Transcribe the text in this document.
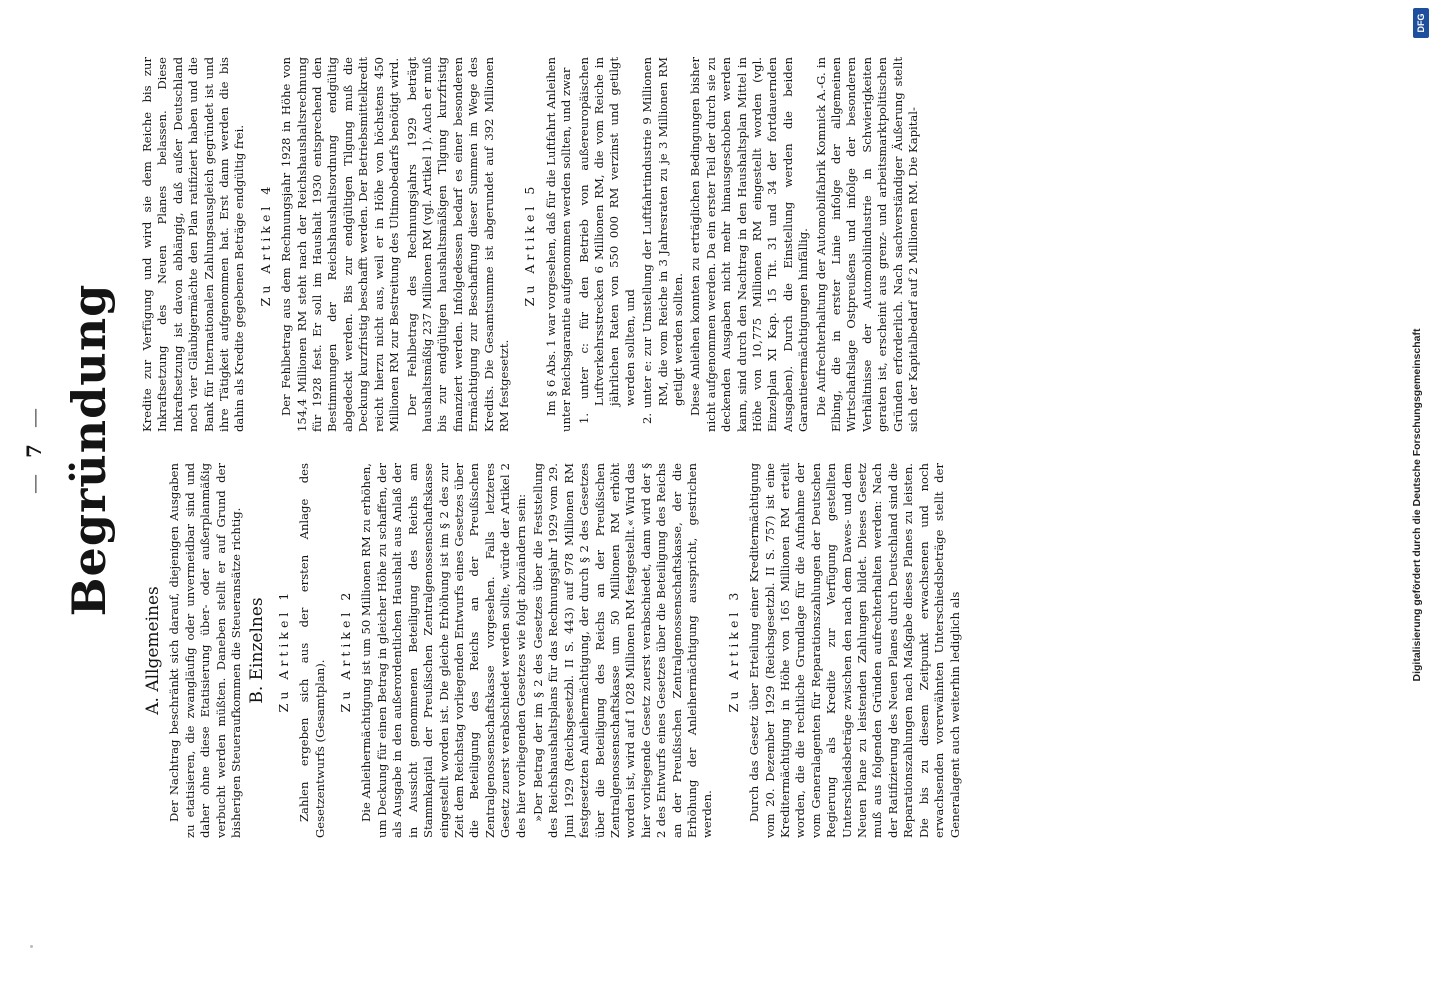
—7— Begründung
A. Allgemeines Der Nachtrag beschränkt sich darauf, diejenigen Ausgaben zu etatisieren, die zwangläufig oder unvermeidbar sind und daher ohne diese Etatisierung über- oder außerplanmäßig verbucht werden müßten. Daneben stellt er auf Grund der bisherigen Steueraufkommen die Steueransätze richtig. B. Einzelnes Zu Artikel 1 Zahlen ergeben sich aus der ersten Anlage des Gesetzentwurfs (Gesamtplan).

Zu Artikel 2 Die Anleihermächtigung ist um 50 Millionen RM zu erhöhen, um Deckung für einen Betrag in gleicher Höhe zu schaffen, der als Ausgabe in den außerordentlichen Haushalt aus Anlaß der in Aussicht genommenen Beteiligung des Reichs am Stammkapital der Preußischen Zentralgenossenschaftskasse eingestellt worden ist. Die gleiche Erhöhung ist im § 2 des zur Zeit dem Reichstag vorliegenden Entwurfs eines Gesetzes über die Beteiligung des Reichs an der Preußischen Zentralgenossenschaftskasse vorgesehen. Falls letzteres Gesetz zuerst verabschiedet werden sollte, würde der Artikel 2 des hier vorliegenden Gesetzes wie folgt abzuändern sein: »Der Betrag der im § 2 des Gesetzes über die Feststellung des Reichshaushaltsplans für das Rechnungsjahr 1929 vom 29. Juni 1929 (Reichsgesetzbl. II S. 443) auf 978 Millionen RM festgesetzten Anleihermächtigung, der durch § 2 des Gesetzes über die Beteiligung des Reichs an der Preußischen Zentralgenossenschaftskasse um 50 Millionen RM erhöht worden ist, wird auf 1 028 Millionen RM festgestellt.« Wird das hier vorliegende Gesetz zuerst verabschiedet, dann wird der § 2 des Entwurfs eines Gesetzes über die Beteiligung des Reichs an der Preußischen Zentralgenossenschaftskasse, der die Erhöhung der Anleihermächtigung ausspricht, gestrichen werden.

Zu Artikel 3 Durch das Gesetz über Erteilung einer Kreditermächtigung vom 20. Dezember 1929 (Reichsgesetzbl. II S. 757) ist eine Kreditermächtigung in Höhe von 165 Millionen RM erteilt worden, die die rechtliche Grundlage für die Aufnahme der vom Generalagenten für Reparationszahlungen der Deutschen Regierung als Kredite zur Verfügung gestellten Unterschiedsbeträge zwischen den nach dem Dawes- und dem Neuen Plane zu leistenden Zahlungen bildet. Dieses Gesetz muß aus folgenden Gründen aufrechterhalten werden: Nach der Ratifizierung des Neuen Planes durch Deutschland sind die Reparationszahlungen nach Maßgabe dieses Planes zu leisten. Die bis zu diesem Zeitpunkt erwachsenen und noch erwachsenden vorerwähnten Unterschiedsbeträge stellt der Generalagent auch weiterhin lediglich als

Kredite zur Verfügung und wird sie dem Reiche bis zur Inkraftsetzung des Neuen Planes belassen. Diese Inkraftsetzung ist davon abhängig, daß außer Deutschland noch vier Gläubigermächte den Plan ratifiziert haben und die Bank für Internationalen Zahlungsausgleich gegründet ist und ihre Tätigkeit aufgenommen hat. Erst dann werden die bis dahin als Kredite gegebenen Beträge endgültig frei. Zu Artikel 4 Der Fehlbetrag aus dem Rechnungsjahr 1928 in Höhe von 154,4 Millionen RM steht nach der Reichshaushaltsrechnung für 1928 fest. Er soll im Haushalt 1930 entsprechend den Bestimmungen der Reichshaushaltsordnung endgültig abgedeckt werden. Bis zur endgültigen Tilgung muß die Deckung kurzfristig beschafft werden. Der Betriebsmittelkredit reicht hierzu nicht aus, weil er in Höhe von höchstens 450 Millionen RM zur Bestreitung des Ultimobedarfs benötigt wird. Der Fehlbetrag des Rechnungsjahrs 1929 beträgt haushaltsmäßig 237 Millionen RM (vgl. Artikel 1). Auch er muß bis zur endgültigen haushaltsmäßigen Tilgung kurzfristig finanziert werden. Infolgedessen bedarf es einer besonderen Ermächtigung zur Beschaffung dieser Summen im Wege des Kredits. Die Gesamtsumme ist abgerundet auf 392 Millionen RM festgesetzt.

Zu Artikel 5 Im § 6 Abs. 1 war vorgesehen, daß für die Luftfahrt Anleihen unter Reichsgarantie aufgenommen werden sollten, und zwar 1. unter c: für den Betrieb von außereuropäischen Luftverkehrsstrecken 6 Millionen RM, die vom Reiche in jährlichen Raten von 550 000 RM verzinst und getilgt werden sollten, und 2. unter e: zur Umstellung der Luftfahrtindustrie 9 Millionen RM, die vom Reiche in 3 Jahresraten zu je 3 Millionen RM getilgt werden sollten. Diese Anleihen konnten zu erträglichen Bedingungen bisher nicht aufgenommen werden. Da ein erster Teil der durch sie zu deckenden Ausgaben nicht mehr hinausgeschoben werden kann, sind durch den Nachtrag in den Haushaltsplan Mittel in Höhe von 10,775 Millionen RM eingestellt worden (vgl. Einzelplan XI Kap. 15 Tit. 31 und 34 der fortdauernden Ausgaben). Durch die Einstellung werden die beiden Garantieermächtigungen hinfällig. Die Aufrechterhaltung der Automobilfabrik Komnick A.-G. in Elbing, die in erster Linie infolge der allgemeinen Wirtschaftslage Ostpreußens und infolge der besonderen Verhältnisse der Automobilindustrie in Schwierigkeiten geraten ist, erscheint aus grenz- und arbeitsmarktpolitischen Gründen erforderlich. Nach sachverständiger Äußerung stellt sich der Kapitalbedarf auf 2 Millionen RM. Die Kapital-

Digitalisierung gefördert durch die Deutsche Forschungsgemeinschaft
DFG
